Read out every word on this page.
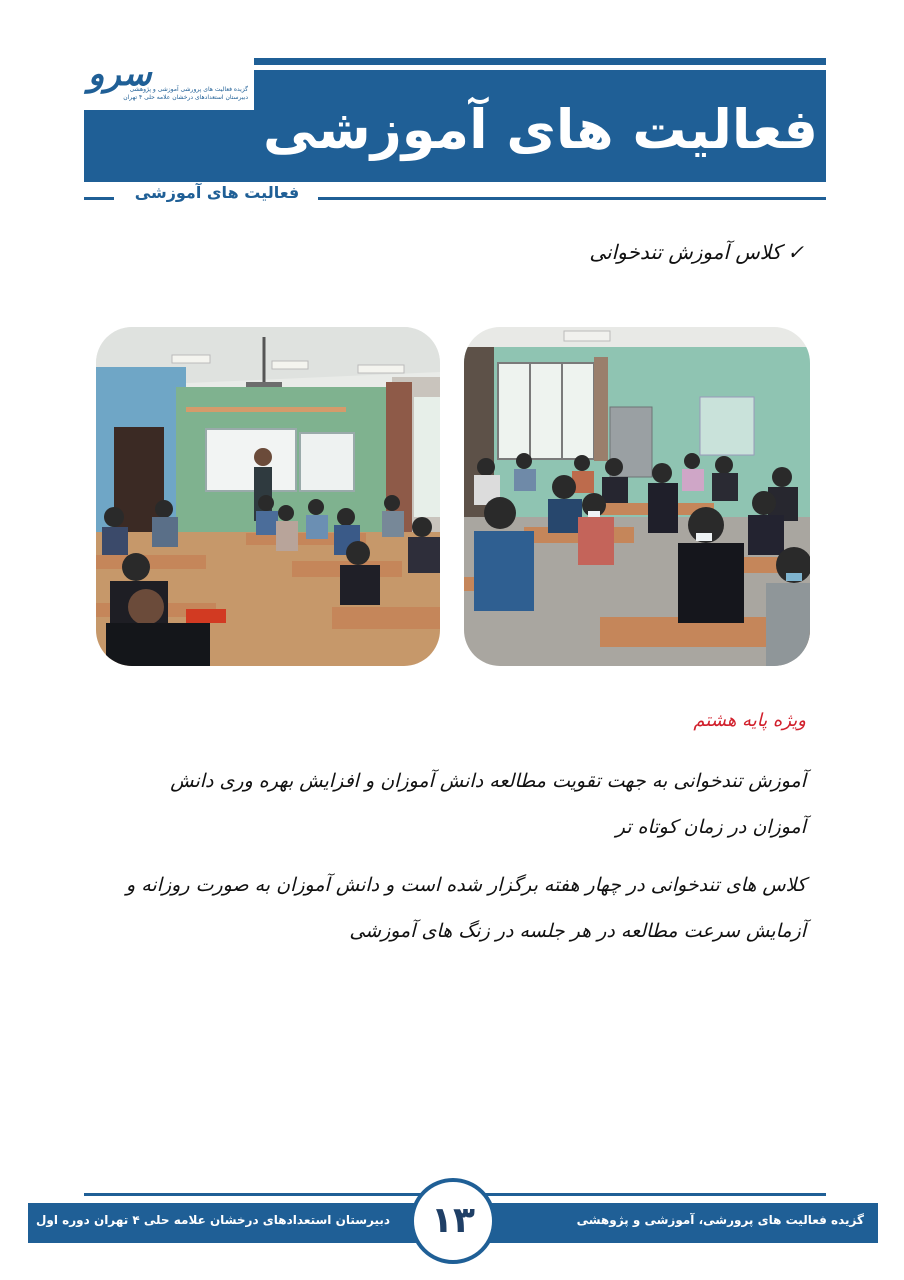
سرو
گزیده فعالیت های پرورشی آموزشی و پژوهشی
دبیرستان استعدادهای درخشان علامه حلی ۴ تهران
فعالیت های آموزشی
فعالیت های آموزشی
✓کلاس آموزش تندخوانی
ویژه پایه هشتم
آموزش تندخوانی به جهت تقویت مطالعه دانش آموزان و افزایش بهره وری دانش آموزان در زمان کوتاه تر
کلاس های تندخوانی در چهار هفته برگزار شده است و دانش آموزان به صورت روزانه و آزمایش سرعت مطالعه در هر جلسه در زنگ های آموزشی
گزیده فعالیت های پرورشی، آموزشی و پژوهشی
دبیرستان استعدادهای درخشان علامه حلی ۴ تهران دوره اول	۱۳
